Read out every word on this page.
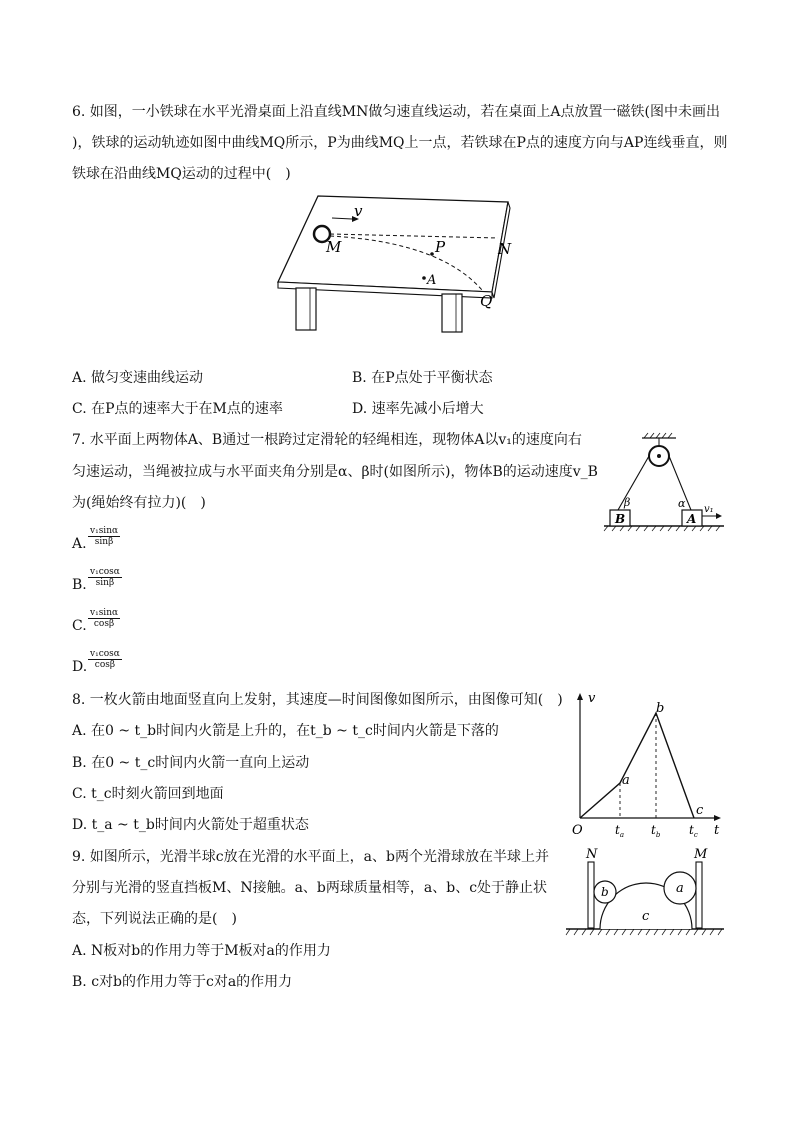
6. 如图，一小铁球在水平光滑桌面上沿直线MN做匀速直线运动，若在桌面上A点放置一磁铁(图中未画出
)，铁球的运动轨迹如图中曲线MQ所示，P为曲线MQ上一点，若铁球在P点的速度方向与AP连线垂直，则
铁球在沿曲线MQ运动的过程中(　)
v
M	N
P
A
Q
A. 做匀变速曲线运动	B. 在P点处于平衡状态
C. 在P点的速率大于在M点的速率	D. 速率先减小后增大
7. 水平面上两物体A、B通过一根跨过定滑轮的轻绳相连，现物体A以v₁的速度向右
匀速运动，当绳被拉成与水平面夹角分别是α、β时(如图所示)，物体B的运动速度v_B
为(绳始终有拉力)(　)
B	A
β	α v₁
A. $\frac{\text{v₁sinα}}{\sin\beta}$
B. $\frac{\text{v₁cosα}}{\sin\beta}$
C. $\frac{\text{v₁sinα}}{\cos\beta}$
D. $\frac{\text{v₁cosα}}{\cos\beta}$
8. 一枚火箭由地面竖直向上发射，其速度—时间图像如图所示，由图像可知(　)
A. 在0 ~ t_b时间内火箭是上升的，在t_b ~ t_c时间内火箭是下落的
B. 在0 ~ t_c时间内火箭一直向上运动
C. t_c时刻火箭回到地面
D. t_a ~ t_b时间内火箭处于超重状态
v
t
O
a
b
c
$t_a$ $t_b$ $t_c$
9. 如图所示，光滑半球c放在光滑的水平面上，a、b两个光滑球放在半球上并
分别与光滑的竖直挡板M、N接触。a、b两球质量相等，a、b、c处于静止状
态，下列说法正确的是(　)
A. N板对b的作用力等于M板对a的作用力
B. c对b的作用力等于c对a的作用力
N	M
b	a
c
